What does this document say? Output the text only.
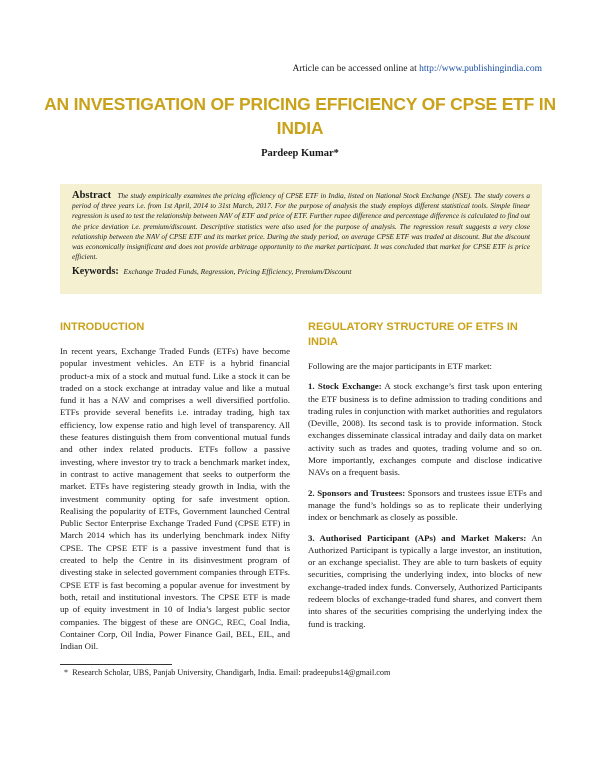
Article can be accessed online at http://www.publishingindia.com
AN INVESTIGATION OF PRICING EFFICIENCY OF CPSE ETF IN INDIA
Pardeep Kumar*

Abstract The study empirically examines the pricing efficiency of CPSE ETF in India, listed on National Stock Exchange (NSE). The study covers a period of three years i.e. from 1st April, 2014 to 31st March, 2017. For the purpose of analysis the study employs different statistical tools. Simple linear regression is used to test the relationship between NAV of ETF and price of ETF. Further rupee difference and percentage difference is calculated to find out the price deviation i.e. premium/discount. Descriptive statistics were also used for the purpose of analysis. The regression result suggests a very close relationship between the NAV of CPSE ETF and its market price. During the study period, on average CPSE ETF was traded at discount. But the discount was economically insignificant and does not provide arbitrage opportunity to the market participant. It was concluded that market for CPSE ETF is price efficient.

Keywords: Exchange Traded Funds, Regression, Pricing Efficiency, Premium/Discount
INTRODUCTION

In recent years, Exchange Traded Funds (ETFs) have become popular investment vehicles. An ETF is a hybrid financial product-a mix of a stock and mutual fund. Like a stock it can be traded on a stock exchange at intraday value and like a mutual fund it has a NAV and comprises a well diversified portfolio. ETFs provide several benefits i.e. intraday trading, high tax efficiency, low expense ratio and high level of transparency. All these features distinguish them from conventional mutual funds and other index related products. ETFs follow a passive investing, where investor try to track a benchmark market index, in contrast to active management that seeks to outperform the market. ETFs have registering steady growth in India, with the investment community opting for safe investment option. Realising the popularity of ETFs, Government launched Central Public Sector Enterprise Exchange Traded Fund (CPSE ETF) in March 2014 which has its underlying benchmark index Nifty CPSE. The CPSE ETF is a passive investment fund that is created to help the Centre in its disinvestment program of divesting stake in selected government companies through ETFs. CPSE ETF is fast becoming a popular avenue for investment by both, retail and institutional investors. The CPSE ETF is made up of equity investment in 10 of India’s largest public sector companies. The biggest of these are ONGC, REC, Coal India, Container Corp, Oil India, Power Finance Gail, BEL, EIL, and Indian Oil.

REGULATORY STRUCTURE OF ETFS IN INDIA

Following are the major participants in ETF market:

1. Stock Exchange: A stock exchange’s first task upon entering the ETF business is to define admission to trading conditions and trading rules in conjunction with market authorities and regulators (Deville, 2008). Its second task is to provide information. Stock exchanges disseminate classical intraday and daily data on market activity such as trades and quotes, trading volume and so on. More importantly, exchanges compute and disclose indicative NAVs on a frequent basis.

2. Sponsors and Trustees: Sponsors and trustees issue ETFs and manage the fund’s holdings so as to replicate their underlying index or benchmark as closely as possible.

3. Authorised Participant (APs) and Market Makers: An Authorized Participant is typically a large investor, an institution, or an exchange specialist. They are able to turn baskets of equity securities, comprising the underlying index, into blocks of new exchange-traded index funds. Conversely, Authorized Participants redeem blocks of exchange-traded fund shares, and convert them into shares of the securities comprising the underlying index the fund is tracking.

*  Research Scholar, UBS, Panjab University, Chandigarh, India. Email: pradeepubs14@gmail.com
